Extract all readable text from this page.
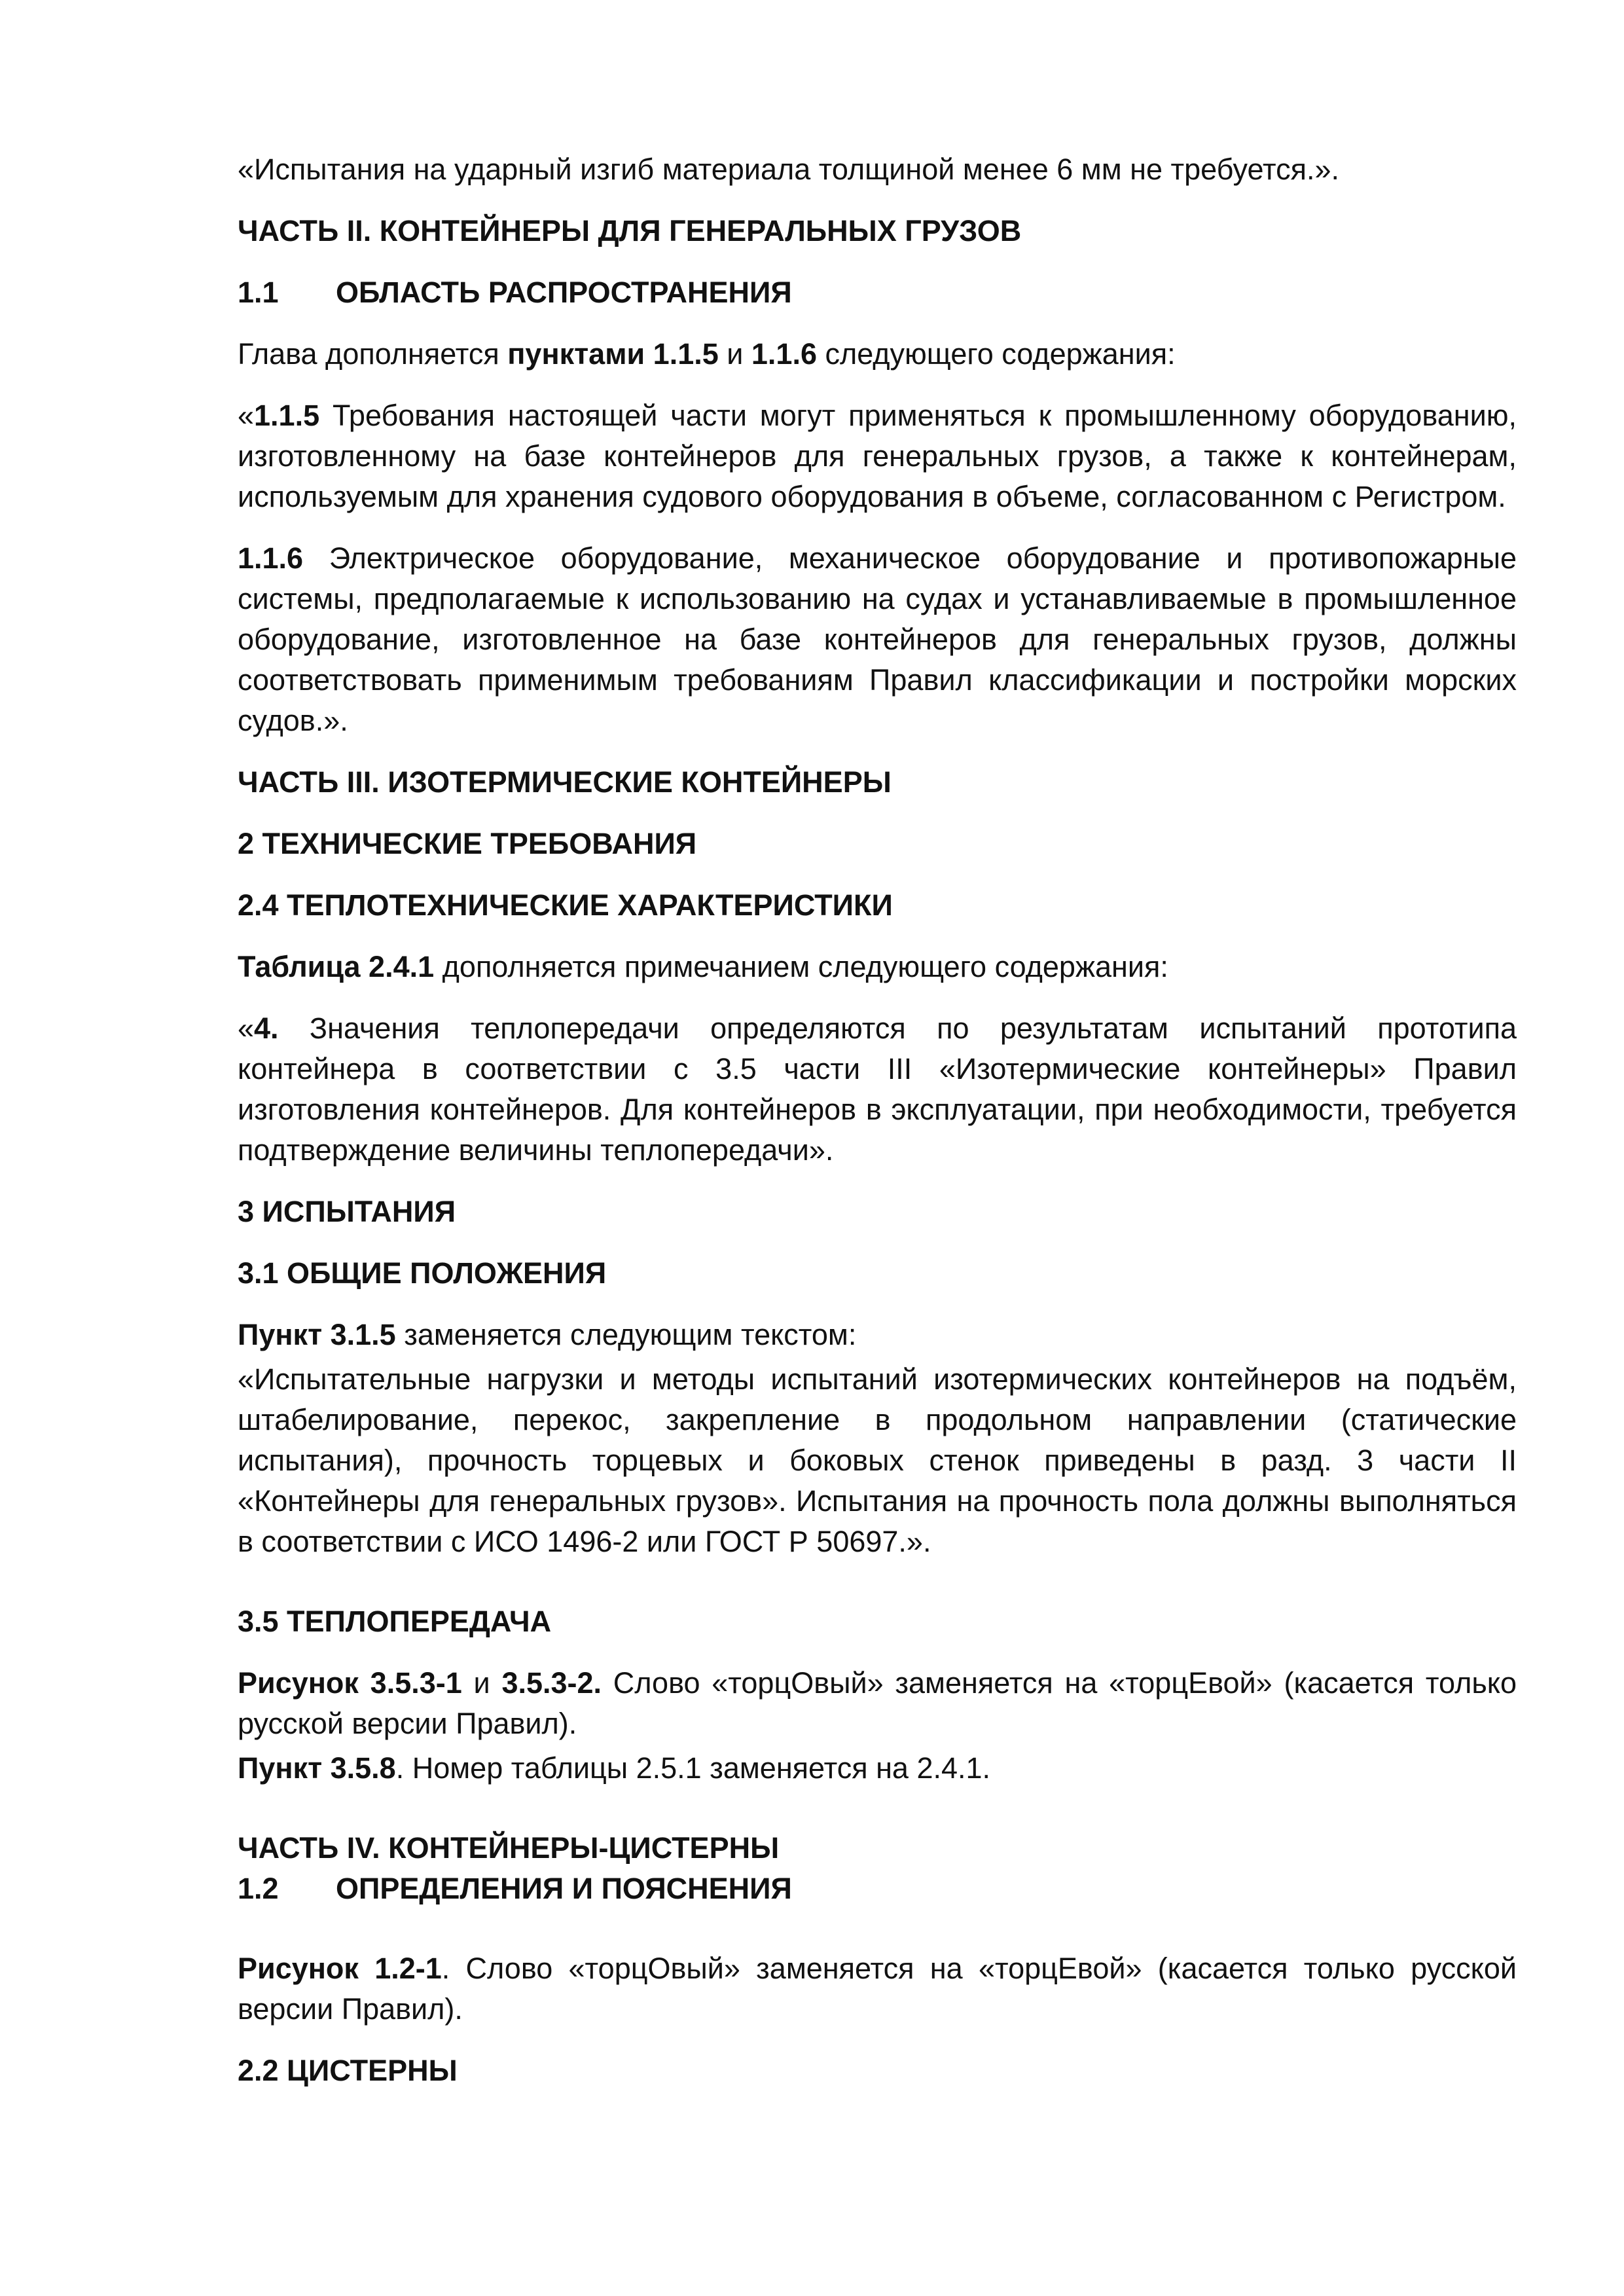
«Испытания на ударный изгиб материала толщиной менее 6 мм не требуется.».

ЧАСТЬ II. КОНТЕЙНЕРЫ ДЛЯ ГЕНЕРАЛЬНЫХ ГРУЗОВ

1.1 ОБЛАСТЬ РАСПРОСТРАНЕНИЯ

Глава дополняется пунктами 1.1.5 и 1.1.6 следующего содержания:

«1.1.5 Требования настоящей части могут применяться к промышленному оборудованию, изготовленному на базе контейнеров для генеральных грузов, а также к контейнерам, используемым для хранения судового оборудования в объеме, согласованном с Регистром.

1.1.6 Электрическое оборудование, механическое оборудование и противопожарные системы, предполагаемые к использованию на судах и устанавливаемые в промышленное оборудование, изготовленное на базе контейнеров для генеральных грузов, должны соответствовать применимым требованиям Правил классификации и постройки морских судов.».

ЧАСТЬ III. ИЗОТЕРМИЧЕСКИЕ КОНТЕЙНЕРЫ

2 ТЕХНИЧЕСКИЕ ТРЕБОВАНИЯ

2.4 ТЕПЛОТЕХНИЧЕСКИЕ ХАРАКТЕРИСТИКИ

Таблица 2.4.1 дополняется примечанием следующего содержания:

«4. Значения теплопередачи определяются по результатам испытаний прототипа контейнера в соответствии с 3.5 части III «Изотермические контейнеры» Правил изготовления контейнеров. Для контейнеров в эксплуатации, при необходимости, требуется подтверждение величины теплопередачи».

3 ИСПЫТАНИЯ

3.1 ОБЩИЕ ПОЛОЖЕНИЯ

Пункт 3.1.5 заменяется следующим текстом:

«Испытательные нагрузки и методы испытаний изотермических контейнеров на подъём, штабелирование, перекос, закрепление в продольном направлении (статические испытания), прочность торцевых и боковых стенок приведены в разд. 3 части II «Контейнеры для генеральных грузов». Испытания на прочность пола должны выполняться в соответствии с ИСО 1496-2 или ГОСТ Р 50697.».

3.5 ТЕПЛОПЕРЕДАЧА

Рисунок 3.5.3-1 и 3.5.3-2. Слово «торцОвый» заменяется на «торцЕвой» (касается только русской версии Правил).

Пункт 3.5.8. Номер таблицы 2.5.1 заменяется на 2.4.1.

ЧАСТЬ IV. КОНТЕЙНЕРЫ-ЦИСТЕРНЫ

1.2 ОПРЕДЕЛЕНИЯ И ПОЯСНЕНИЯ

Рисунок 1.2-1. Слово «торцОвый» заменяется на «торцЕвой» (касается только русской версии Правил).

2.2 ЦИСТЕРНЫ
